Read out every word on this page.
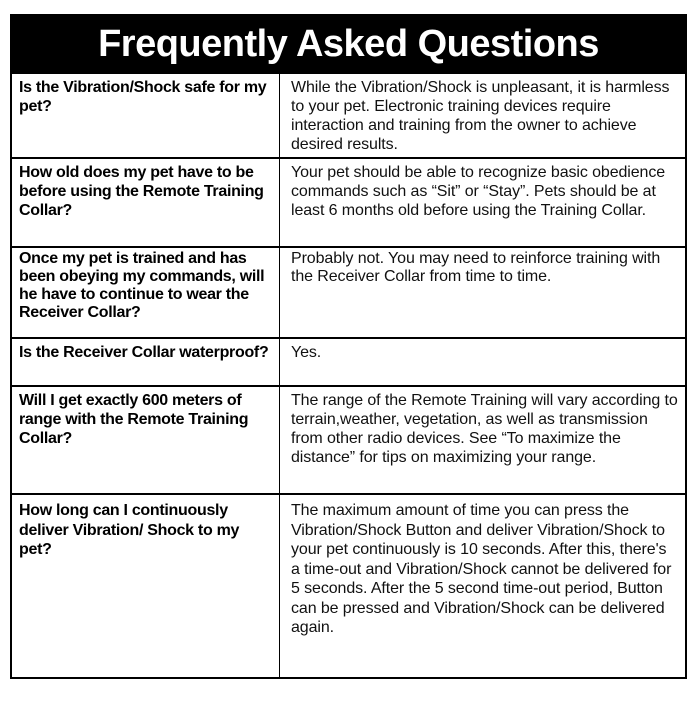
Frequently Asked Questions
Is the Vibration/Shock safe for my pet?	While the Vibration/Shock is unpleasant, it is harmless to your pet. Electronic training devices require interaction and training from the owner to achieve desired results.
How old does my pet have to be before using the Remote Training Collar?	Your pet should be able to recognize basic obedience commands such as “Sit” or “Stay”. Pets should be at least 6 months old before using the Training Collar.
Once my pet is trained and has been obeying my commands, will he have to continue to wear the Receiver Collar?	Probably not. You may need to reinforce training with the Receiver Collar from time to time.
Is the Receiver Collar waterproof?	Yes.
Will I get exactly 600 meters of range with the Remote Training Collar?	The range of the Remote Training will vary according to terrain,weather, vegetation, as well as transmission from other radio devices. See “To maximize the distance” for tips on maximizing your range.
How long can I continuously deliver Vibration/ Shock to my pet?	The maximum amount of time you can press the Vibration/Shock Button and deliver Vibration/Shock to your pet continuously is 10 seconds. After this, there's a time-out and Vibration/Shock cannot be delivered for 5 seconds. After the 5 second time-out period, Button can be pressed and Vibration/Shock can be delivered again.
